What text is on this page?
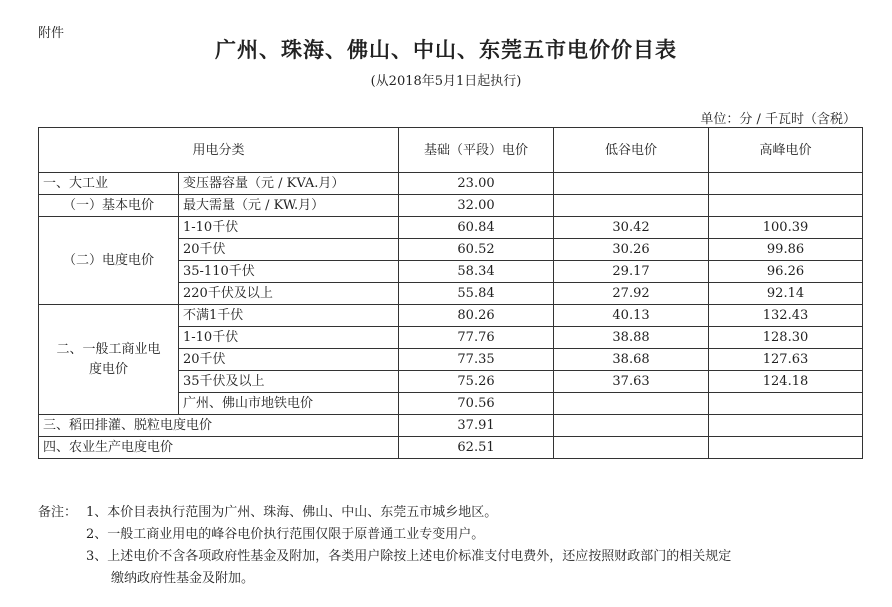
附件
广州、珠海、佛山、中山、东莞五市电价价目表
(从2018年5月1日起执行)
单位：分 / 千瓦时（含税）
用电分类		基础（平段）电价	低谷电价	高峰电价
一、大工业	变压器容量（元 / KVA.月）	23.00		
（一）基本电价	最大需量（元 / KW.月）	32.00		
（二）电度电价	1-10千伏	60.84	30.42	100.39
	20千伏	60.52	30.26	99.86
	35-110千伏	58.34	29.17	96.26
	220千伏及以上	55.84	27.92	92.14

二、一般工商业电
度电价	不满1千伏	80.26	40.13	132.43
	1-10千伏	77.76	38.88	128.30
	20千伏	77.35	38.68	127.63
	35千伏及以上	75.26	37.63	124.18
	广州、佛山市地铁电价	70.56		
三、稻田排灌、脱粒电度电价		37.91		
四、农业生产电度电价		62.51		
备注： 1、本价目表执行范围为广州、珠海、佛山、中山、东莞五市城乡地区。
2、一般工商业用电的峰谷电价执行范围仅限于原普通工业专变用户。
3、上述电价不含各项政府性基金及附加，各类用户除按上述电价标准支付电费外，还应按照财政部门的相关规定
缴纳政府性基金及附加。
